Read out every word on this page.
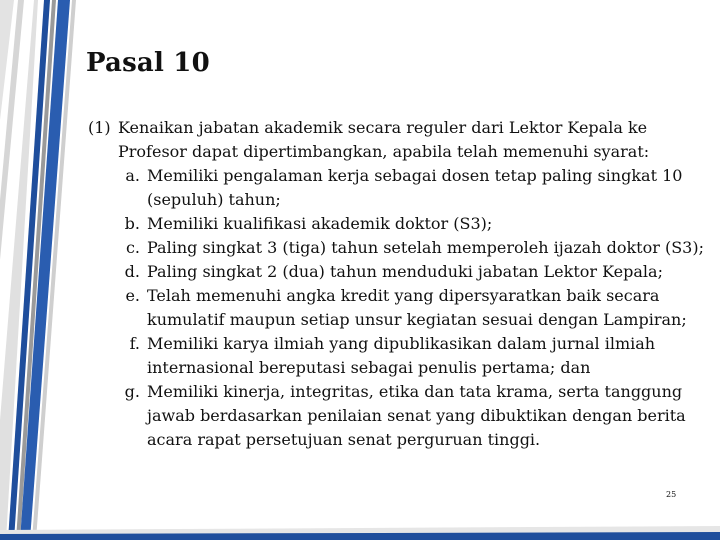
Pasal 10
(1) Kenaikan jabatan akademik secara reguler dari Lektor Kepala ke Profesor dapat dipertimbangkan, apabila telah memenuhi syarat:
a. Memiliki pengalaman kerja sebagai dosen tetap paling singkat 10 (sepuluh) tahun;
b. Memiliki kualifikasi akademik doktor (S3);
c. Paling singkat 3 (tiga) tahun setelah memperoleh ijazah doktor (S3);
d. Paling singkat 2 (dua) tahun menduduki jabatan Lektor Kepala;
e. Telah memenuhi angka kredit yang dipersyaratkan baik secara kumulatif maupun setiap unsur kegiatan sesuai dengan Lampiran;
f. Memiliki karya ilmiah yang dipublikasikan dalam jurnal ilmiah internasional bereputasi sebagai penulis pertama; dan
g. Memiliki kinerja, integritas, etika dan tata krama, serta tanggung jawab berdasarkan penilaian senat yang dibuktikan dengan berita acara rapat persetujuan senat perguruan tinggi.
25
